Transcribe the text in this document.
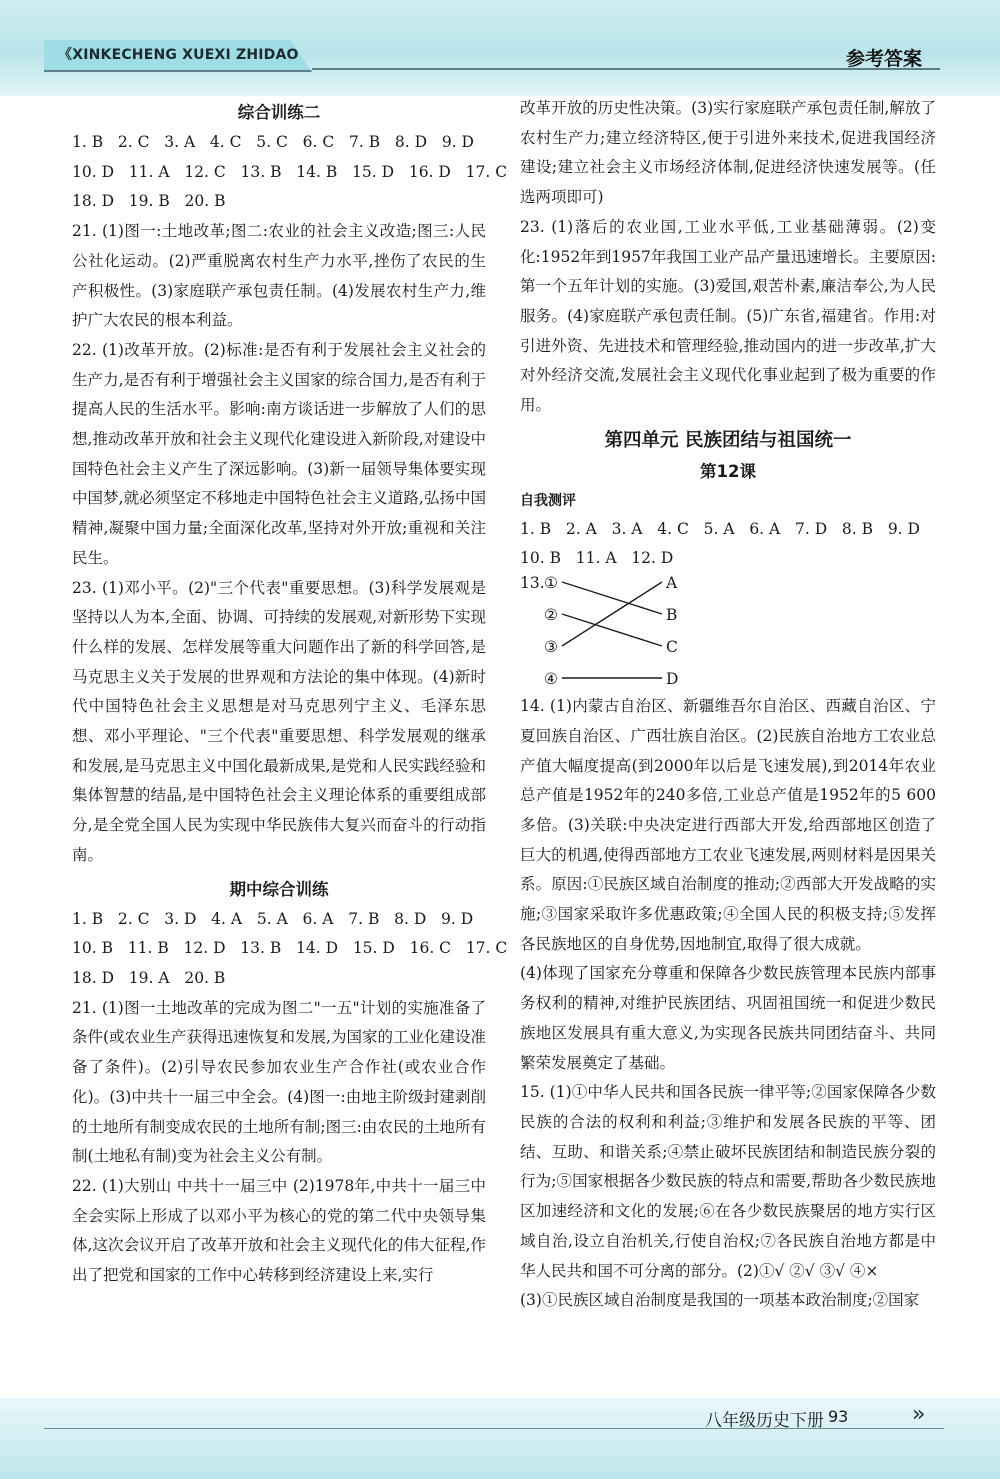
《XINKECHENG XUEXI ZHIDAO	参考答案
综合训练二

1. B   2. C   3. A   4. C   5. C   6. C   7. B   8. D   9. D

10. D   11. A   12. C   13. B   14. B   15. D   16. D   17. C

18. D   19. B   20. B

21. (1)图一:土地改革;图二:农业的社会主义改造;图三:人民公社化运动。(2)严重脱离农村生产力水平,挫伤了农民的生产积极性。(3)家庭联产承包责任制。(4)发展农村生产力,维护广大农民的根本利益。

22. (1)改革开放。(2)标准:是否有利于发展社会主义社会的生产力,是否有利于增强社会主义国家的综合国力,是否有利于提高人民的生活水平。影响:南方谈话进一步解放了人们的思想,推动改革开放和社会主义现代化建设进入新阶段,对建设中国特色社会主义产生了深远影响。(3)新一届领导集体要实现中国梦,就必须坚定不移地走中国特色社会主义道路,弘扬中国精神,凝聚中国力量;全面深化改革,坚持对外开放;重视和关注民生。

23. (1)邓小平。(2)"三个代表"重要思想。(3)科学发展观是坚持以人为本,全面、协调、可持续的发展观,对新形势下实现什么样的发展、怎样发展等重大问题作出了新的科学回答,是马克思主义关于发展的世界观和方法论的集中体现。(4)新时代中国特色社会主义思想是对马克思列宁主义、毛泽东思想、邓小平理论、"三个代表"重要思想、科学发展观的继承和发展,是马克思主义中国化最新成果,是党和人民实践经验和集体智慧的结晶,是中国特色社会主义理论体系的重要组成部分,是全党全国人民为实现中华民族伟大复兴而奋斗的行动指南。

期中综合训练

1. B   2. C   3. D   4. A   5. A   6. A   7. B   8. D   9. D

10. B   11. B   12. D   13. B   14. D   15. D   16. C   17. C

18. D   19. A   20. B

21. (1)图一土地改革的完成为图二"一五"计划的实施准备了条件(或农业生产获得迅速恢复和发展,为国家的工业化建设准备了条件)。(2)引导农民参加农业生产合作社(或农业合作化)。(3)中共十一届三中全会。(4)图一:由地主阶级封建剥削的土地所有制变成农民的土地所有制;图三:由农民的土地所有制(土地私有制)变为社会主义公有制。

22. (1)大别山 中共十一届三中 (2)1978年,中共十一届三中全会实际上形成了以邓小平为核心的党的第二代中央领导集体,这次会议开启了改革开放和社会主义现代化的伟大征程,作出了把党和国家的工作中心转移到经济建设上来,实行

改革开放的历史性决策。(3)实行家庭联产承包责任制,解放了农村生产力;建立经济特区,便于引进外来技术,促进我国经济建设;建立社会主义市场经济体制,促进经济快速发展等。(任选两项即可)

23. (1)落后的农业国,工业水平低,工业基础薄弱。(2)变化:1952年到1957年我国工业产品产量迅速增长。主要原因:第一个五年计划的实施。(3)爱国,艰苦朴素,廉洁奉公,为人民服务。(4)家庭联产承包责任制。(5)广东省,福建省。作用:对引进外资、先进技术和管理经验,推动国内的进一步改革,扩大对外经济交流,发展社会主义现代化事业起到了极为重要的作用。

第四单元 民族团结与祖国统一
第12课
自我测评

1. B   2. A   3. A   4. C   5. A   6. A   7. D   8. B   9. D

10. B   11. A   12. D

13. ①
②
③
④
A
B
C
D

14. (1)内蒙古自治区、新疆维吾尔自治区、西藏自治区、宁夏回族自治区、广西壮族自治区。(2)民族自治地方工农业总产值大幅度提高(到2000年以后是飞速发展),到2014年农业总产值是1952年的240多倍,工业总产值是1952年的5 600多倍。(3)关联:中央决定进行西部大开发,给西部地区创造了巨大的机遇,使得西部地方工农业飞速发展,两则材料是因果关系。原因:①民族区域自治制度的推动;②西部大开发战略的实施;③国家采取许多优惠政策;④全国人民的积极支持;⑤发挥各民族地区的自身优势,因地制宜,取得了很大成就。

(4)体现了国家充分尊重和保障各少数民族管理本民族内部事务权利的精神,对维护民族团结、巩固祖国统一和促进少数民族地区发展具有重大意义,为实现各民族共同团结奋斗、共同繁荣发展奠定了基础。

15. (1)①中华人民共和国各民族一律平等;②国家保障各少数民族的合法的权利和利益;③维护和发展各民族的平等、团结、互助、和谐关系;④禁止破坏民族团结和制造民族分裂的行为;⑤国家根据各少数民族的特点和需要,帮助各少数民族地区加速经济和文化的发展;⑥在各少数民族聚居的地方实行区域自治,设立自治机关,行使自治权;⑦各民族自治地方都是中华人民共和国不可分离的部分。(2)①√ ②√ ③√ ④×

(3)①民族区域自治制度是我国的一项基本政治制度;②国家

八年级历史下册 93	»
